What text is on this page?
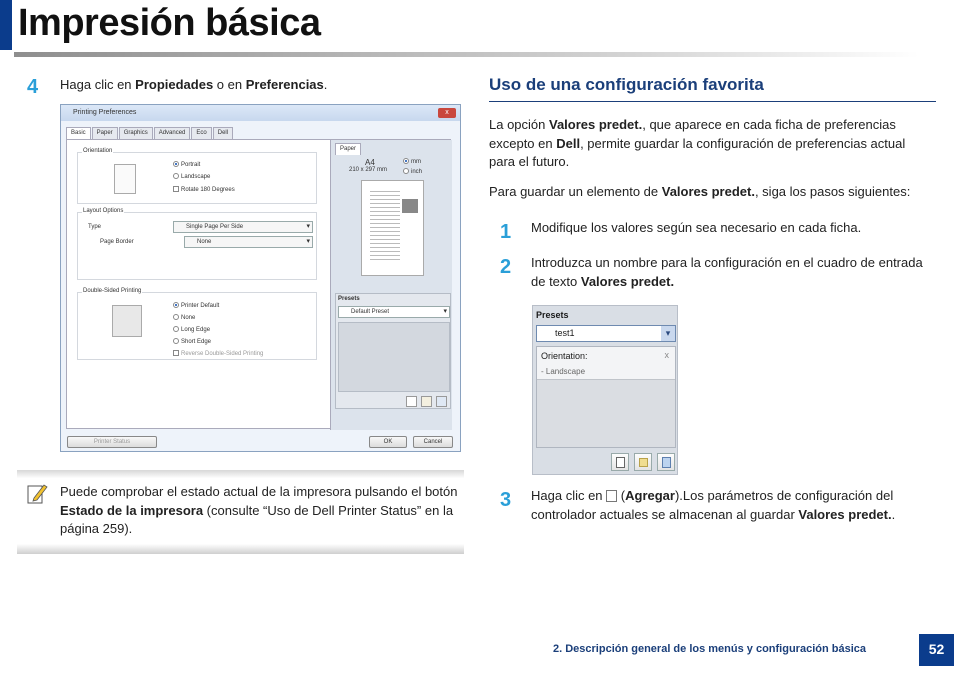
Impresión básica
4 Haga clic en Propiedades o en Preferencias.
Printing Preferences	x
Basic	Paper	Graphics	Advanced	Eco	Dell
Orientation
Portrait
Landscape
Rotate 180 Degrees
Layout Options
Type	Single Page Per Side ▾
Page Border	None ▾
Double-Sided Printing
Printer Default
None
Long Edge
Short Edge
Reverse Double-Sided Printing
Paper
A4
210 x 297 mm
mm
inch
Presets
Default Preset ▾
Printer Status	OK	Cancel
Puede comprobar el estado actual de la impresora pulsando el botón Estado de la impresora (consulte “Uso de Dell Printer Status” en la página 259).
Uso de una configuración favorita
La opción Valores predet., que aparece en cada ficha de preferencias excepto en Dell, permite guardar la configuración de preferencias actual para el futuro.
Para guardar un elemento de Valores predet., siga los pasos siguientes:
1 Modifique los valores según sea necesario en cada ficha.
2 Introduzca un nombre para la configuración en el cuadro de entrada de texto Valores predet.
Presets
test1	▾
Orientation:	x
- Landscape
3 Haga clic en  (Agregar).Los parámetros de configuración del controlador actuales se almacenan al guardar Valores predet..
2. Descripción general de los menús y configuración básica	52
